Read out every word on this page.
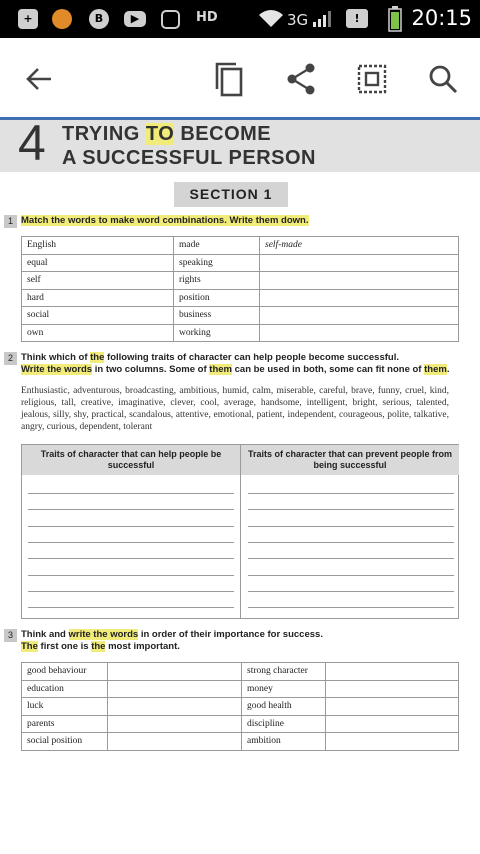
+	B	▶	HD	3G	!	20:15
4 TRYING TO BECOME
A SUCCESSFUL PERSON
SECTION 1
1 Match the words to make word combinations. Write them down.
English	made	self-made
equal	speaking	
self	rights	
hard	position	
social	business	
own	working	
2 Think which of the following traits of character can help people become successful.
Write the words in two columns. Some of them can be used in both, some can fit none of them.
Enthusiastic, adventurous, broadcasting, ambitious, humid, calm, miserable, careful, brave, funny, cruel, kind, religious, tall, creative, imaginative, clever, cool, average, handsome, intelligent, bright, serious, talented, jealous, silly, shy, practical, scandalous, attentive, emotional, patient, independent, courageous, polite, talkative, angry, curious, dependent, tolerant
Traits of character that can help people be successful
Traits of character that can prevent people from being successful
3 Think and write the words in order of their importance for success.
The first one is the most important.
good behaviour		strong character	
education		money	
luck		good health	
parents		discipline	
social position		ambition	
